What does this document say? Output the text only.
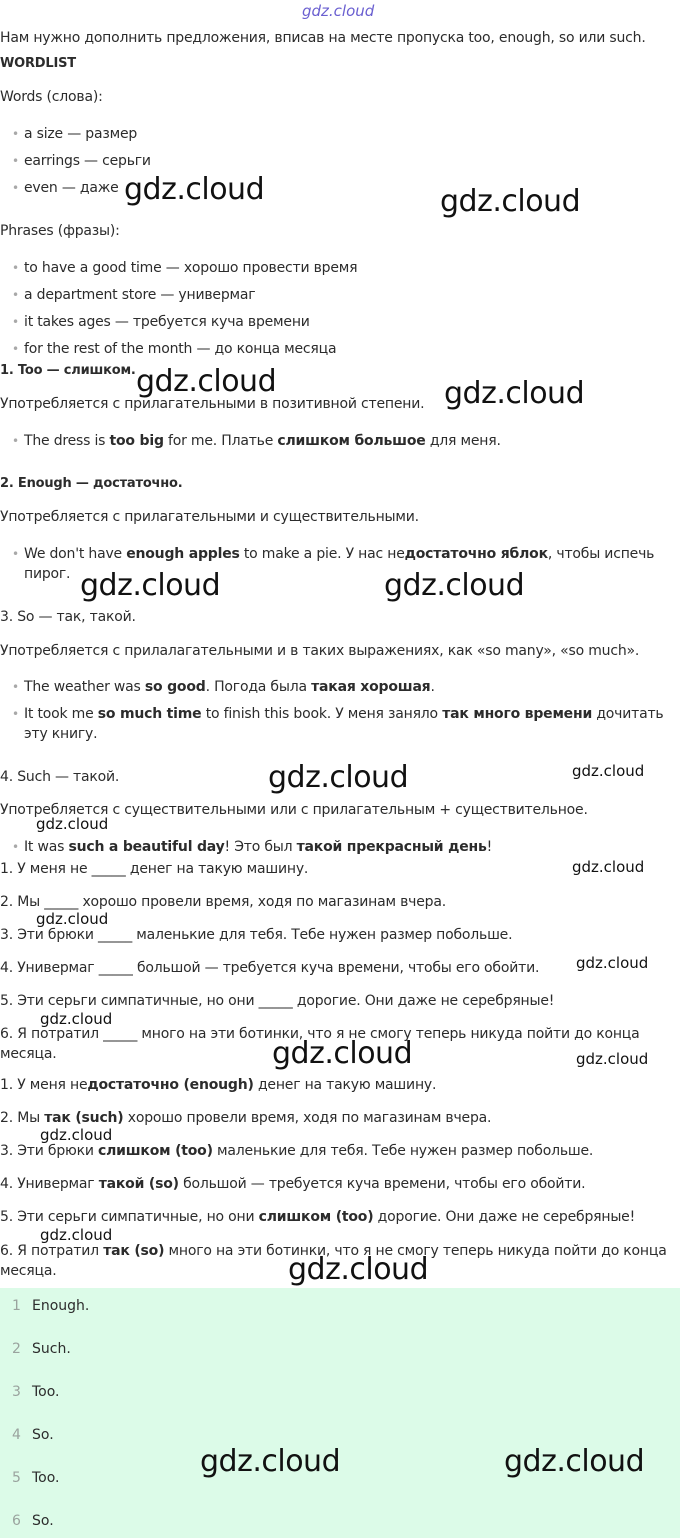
gdz.cloud
Нам нужно дополнить предложения, вписав на месте пропуска too, enough, so или such.
WORDLIST
Words (слова):
• a size — размер
• earrings — серьги
• even — даже
Phrases (фразы):
• to have a good time — хорошо провести время
• a department store — универмаг
• it takes ages — требуется куча времени
• for the rest of the month — до конца месяца
1. Too — слишком.
Употребляется с прилагательными в позитивной степени.
• The dress is too big for me. Платье слишком большое для меня.
2. Enough — достаточно.
Употребляется с прилагательными и существительными.
• We don't have enough apples to make a pie. У нас недостаточно яблок, чтобы испечь пирог.
3. So — так, такой.
Употребляется с прилалагательными и в таких выражениях, как «so many», «so much».
• The weather was so good. Погода была такая хорошая.
• It took me so much time to finish this book. У меня заняло так много времени дочитать эту книгу.
4. Such — такой.
Употребляется с существительными или с прилагательным + существительное.
• It was such a beautiful day! Это был такой прекрасный день!
1. У меня не _____ денег на такую машину.
2. Мы _____ хорошо провели время, ходя по магазинам вчера.
3. Эти брюки _____ маленькие для тебя. Тебе нужен размер побольше.
4. Универмаг _____ большой — требуется куча времени, чтобы его обойти.
5. Эти серьги симпатичные, но они _____ дорогие. Они даже не серебряные!
6. Я потратил _____ много на эти ботинки, что я не смогу теперь никуда пойти до конца месяца.
1. У меня недостаточно (enough) денег на такую машину.
2. Мы так (such) хорошо провели время, ходя по магазинам вчера.
3. Эти брюки слишком (too) маленькие для тебя. Тебе нужен размер побольше.
4. Универмаг такой (so) большой — требуется куча времени, чтобы его обойти.
5. Эти серьги симпатичные, но они слишком (too) дорогие. Они даже не серебряные!
6. Я потратил так (so) много на эти ботинки, что я не смогу теперь никуда пойти до конца месяца.
1 Enough.
2 Such.
3 Too.
4 So.
5 Too.
6 So.
gdz.cloud	gdz.cloud
gdz.cloud	gdz.cloud
gdz.cloud	gdz.cloud
gdz.cloud
gdz.cloud
gdz.cloud
gdz.cloud	gdz.cloud
gdz.cloud
gdz.cloud
gdz.cloud
gdz.cloud
gdz.cloud
gdz.cloud
gdz.cloud
gdz.cloud
gdz.cloud
